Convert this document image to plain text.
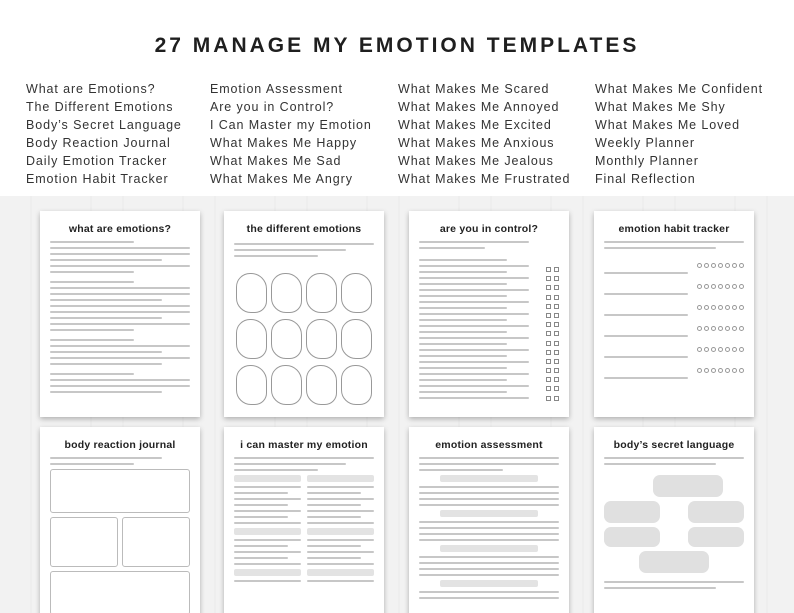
27 MANAGE MY EMOTION TEMPLATES
What are Emotions?
The Different Emotions
Body’s Secret Language
Body Reaction Journal
Daily Emotion Tracker
Emotion Habit Tracker
Emotion Assessment
Are you in Control?
I Can Master my Emotion
What Makes Me Happy
What Makes Me Sad
What Makes Me Angry
What Makes Me Scared
What Makes Me Annoyed
What Makes Me Excited
What Makes Me Anxious
What Makes Me Jealous
What Makes Me Frustrated
What Makes Me Confident
What Makes Me Shy
What Makes Me Loved
Weekly Planner
Monthly Planner
Final Reflection
what are emotions?	the different emotions	are you in control?	emotion habit tracker
body reaction journal	i can master my emotion	emotion assessment	body’s secret language
